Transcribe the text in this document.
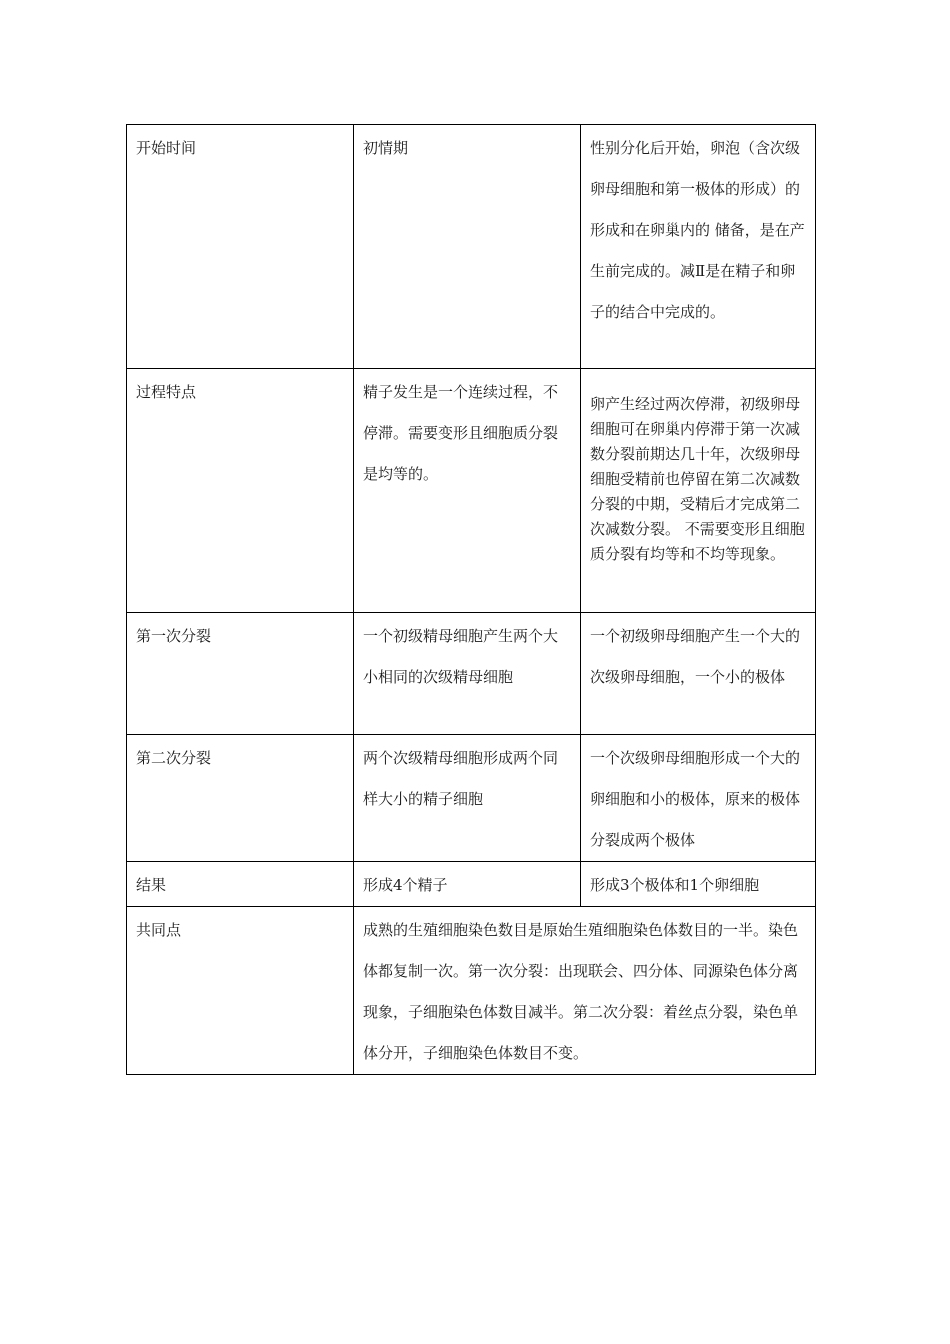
开始时间	初情期	性别分化后开始，卵泡（含次级卵母细胞和第一极体的形成）的形成和在卵巢内的 储备，是在产生前完成的。减Ⅱ是在精子和卵子的结合中完成的。
过程特点	精子发生是一个连续过程，不停滞。需要变形且细胞质分裂是均等的。	卵产生经过两次停滞，初级卵母细胞可在卵巢内停滞于第一次减数分裂前期达几十年，次级卵母细胞受精前也停留在第二次减数分裂的中期，受精后才完成第二次减数分裂。 不需要变形且细胞质分裂有均等和不均等现象。
第一次分裂	一个初级精母细胞产生两个大小相同的次级精母细胞	一个初级卵母细胞产生一个大的次级卵母细胞，一个小的极体
第二次分裂	两个次级精母细胞形成两个同样大小的精子细胞	一个次级卵母细胞形成一个大的卵细胞和小的极体，原来的极体分裂成两个极体
结果	形成4个精子	形成3个极体和1个卵细胞
共同点	成熟的生殖细胞染色数目是原始生殖细胞染色体数目的一半。染色体都复制一次。第一次分裂：出现联会、四分体、同源染色体分离现象，子细胞染色体数目减半。第二次分裂：着丝点分裂，染色单体分开，子细胞染色体数目不变。	
